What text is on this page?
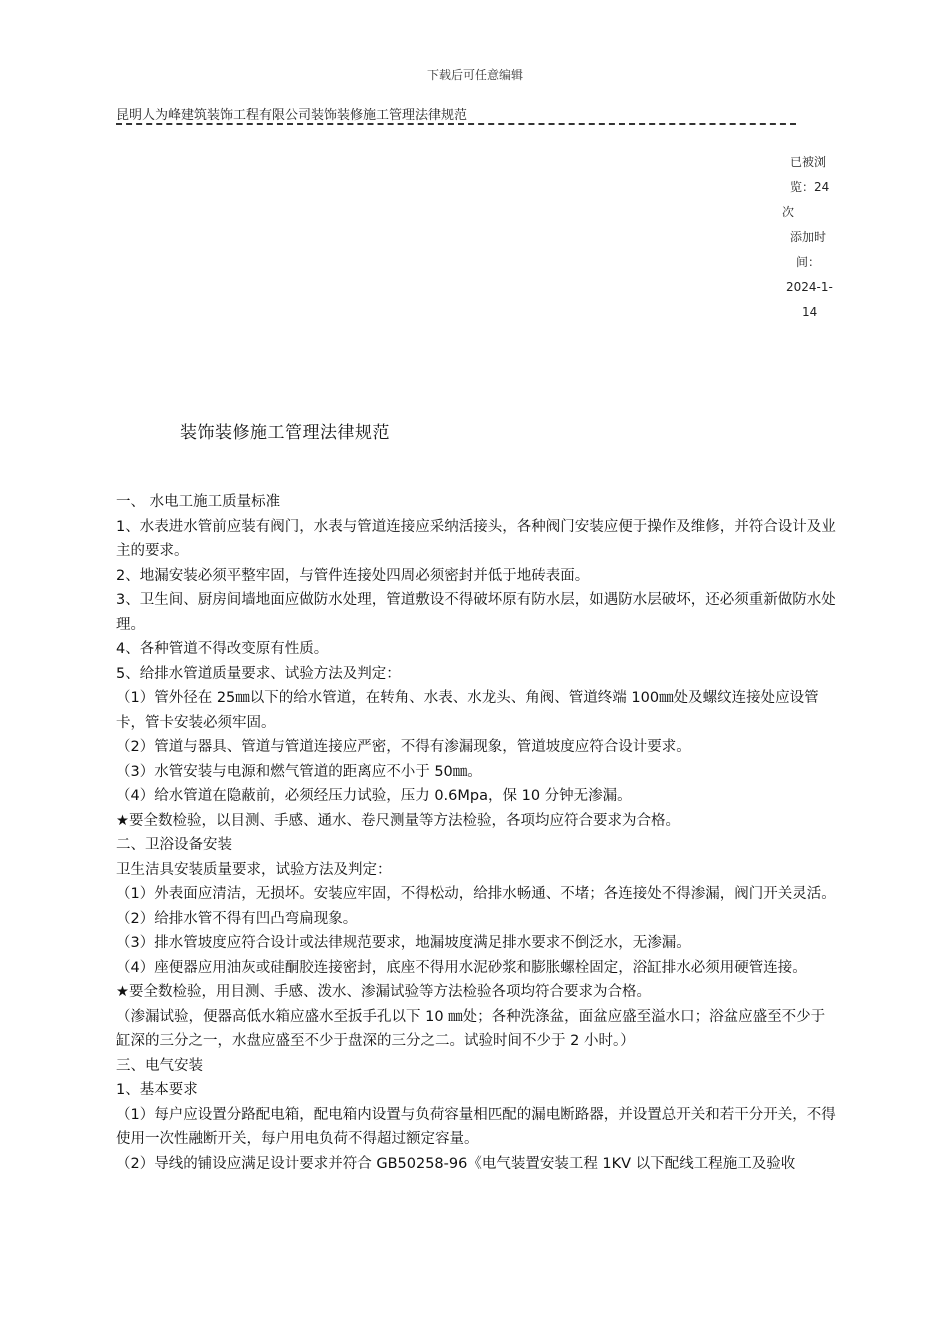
下载后可任意编辑
昆明人为峰建筑装饰工程有限公司装饰装修施工管理法律规范
已被浏
览：24
次
添加时
间：
2024-1-
14
装饰装修施工管理法律规范

一、 水电工施工质量标准

1、水表进水管前应装有阀门，水表与管道连接应采纳活接头，各种阀门安装应便于操作及维修，并符合设计及业主的要求。

2、地漏安装必须平整牢固，与管件连接处四周必须密封并低于地砖表面。

3、卫生间、厨房间墙地面应做防水处理，管道敷设不得破坏原有防水层，如遇防水层破坏，还必须重新做防水处理。

4、各种管道不得改变原有性质。

5、给排水管道质量要求、试验方法及判定：

（1）管外径在 25㎜以下的给水管道，在转角、水表、水龙头、角阀、管道终端 100㎜处及螺纹连接处应设管卡，管卡安装必须牢固。

（2）管道与器具、管道与管道连接应严密，不得有渗漏现象，管道坡度应符合设计要求。

（3）水管安装与电源和燃气管道的距离应不小于 50㎜。

（4）给水管道在隐蔽前，必须经压力试验，压力 0.6Mpa，保 10 分钟无渗漏。

★要全数检验，以目测、手感、通水、卷尺测量等方法检验，各项均应符合要求为合格。

二、卫浴设备安装

卫生洁具安装质量要求，试验方法及判定：

（1）外表面应清洁，无损坏。安装应牢固，不得松动，给排水畅通、不堵；各连接处不得渗漏，阀门开关灵活。

（2）给排水管不得有凹凸弯扁现象。

（3）排水管坡度应符合设计或法律规范要求，地漏坡度满足排水要求不倒泛水，无渗漏。

（4）座便器应用油灰或硅酮胶连接密封，底座不得用水泥砂浆和膨胀螺栓固定，浴缸排水必须用硬管连接。

★要全数检验，用目测、手感、泼水、渗漏试验等方法检验各项均符合要求为合格。

（渗漏试验，便器高低水箱应盛水至扳手孔以下 10 ㎜处；各种洗涤盆，面盆应盛至溢水口；浴盆应盛至不少于缸深的三分之一，水盘应盛至不少于盘深的三分之二。试验时间不少于 2 小时。）

三、电气安装

1、基本要求

（1）每户应设置分路配电箱，配电箱内设置与负荷容量相匹配的漏电断路器，并设置总开关和若干分开关，不得使用一次性融断开关，每户用电负荷不得超过额定容量。

（2）导线的铺设应满足设计要求并符合 GB50258-96《电气装置安装工程 1KV 以下配线工程施工及验收
